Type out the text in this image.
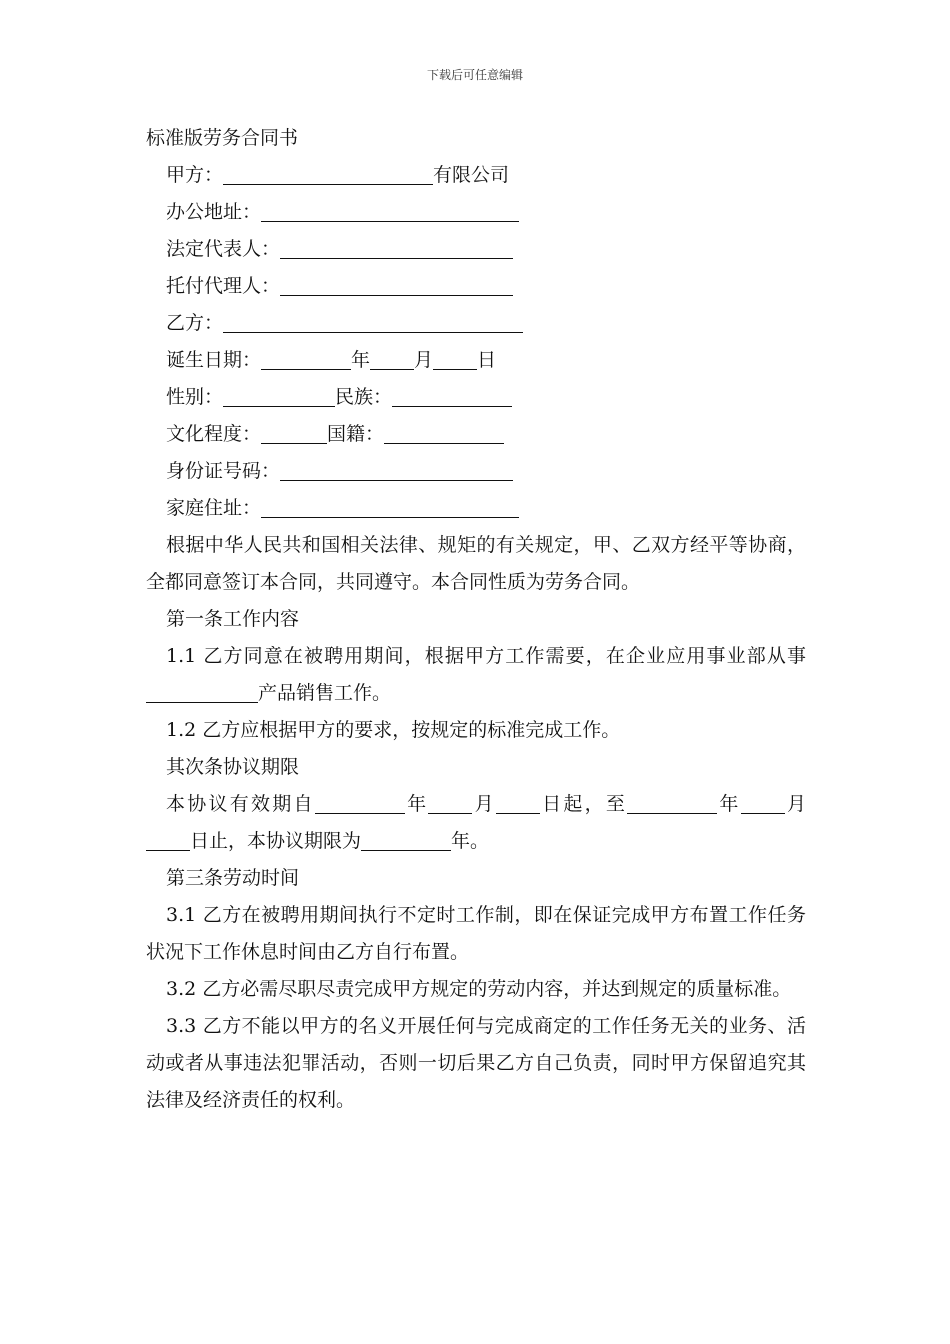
下载后可任意编辑
标准版劳务合同书
甲方：	有限公司
办公地址：
法定代表人：
托付代理人：
乙方：
诞生日期：	年 月 日
性别：	民族：
文化程度：	国籍：
身份证号码：
家庭住址：
根据中华人民共和国相关法律、规矩的有关规定，甲、乙双方经平等协商，全都同意签订本合同，共同遵守。本合同性质为劳务合同。
第一条工作内容
1.1 乙方同意在被聘用期间，根据甲方工作需要，在企业应用事业部从事产品销售工作。
1.2 乙方应根据甲方的要求，按规定的标准完成工作。
其次条协议期限
本协议有效期自	年 月 日起，至	年 月日止，本协议期限为	年。
第三条劳动时间
3.1 乙方在被聘用期间执行不定时工作制，即在保证完成甲方布置工作任务状况下工作休息时间由乙方自行布置。
3.2 乙方必需尽职尽责完成甲方规定的劳动内容，并达到规定的质量标准。
3.3 乙方不能以甲方的名义开展任何与完成商定的工作任务无关的业务、活动或者从事违法犯罪活动，否则一切后果乙方自己负责，同时甲方保留追究其法律及经济责任的权利。
